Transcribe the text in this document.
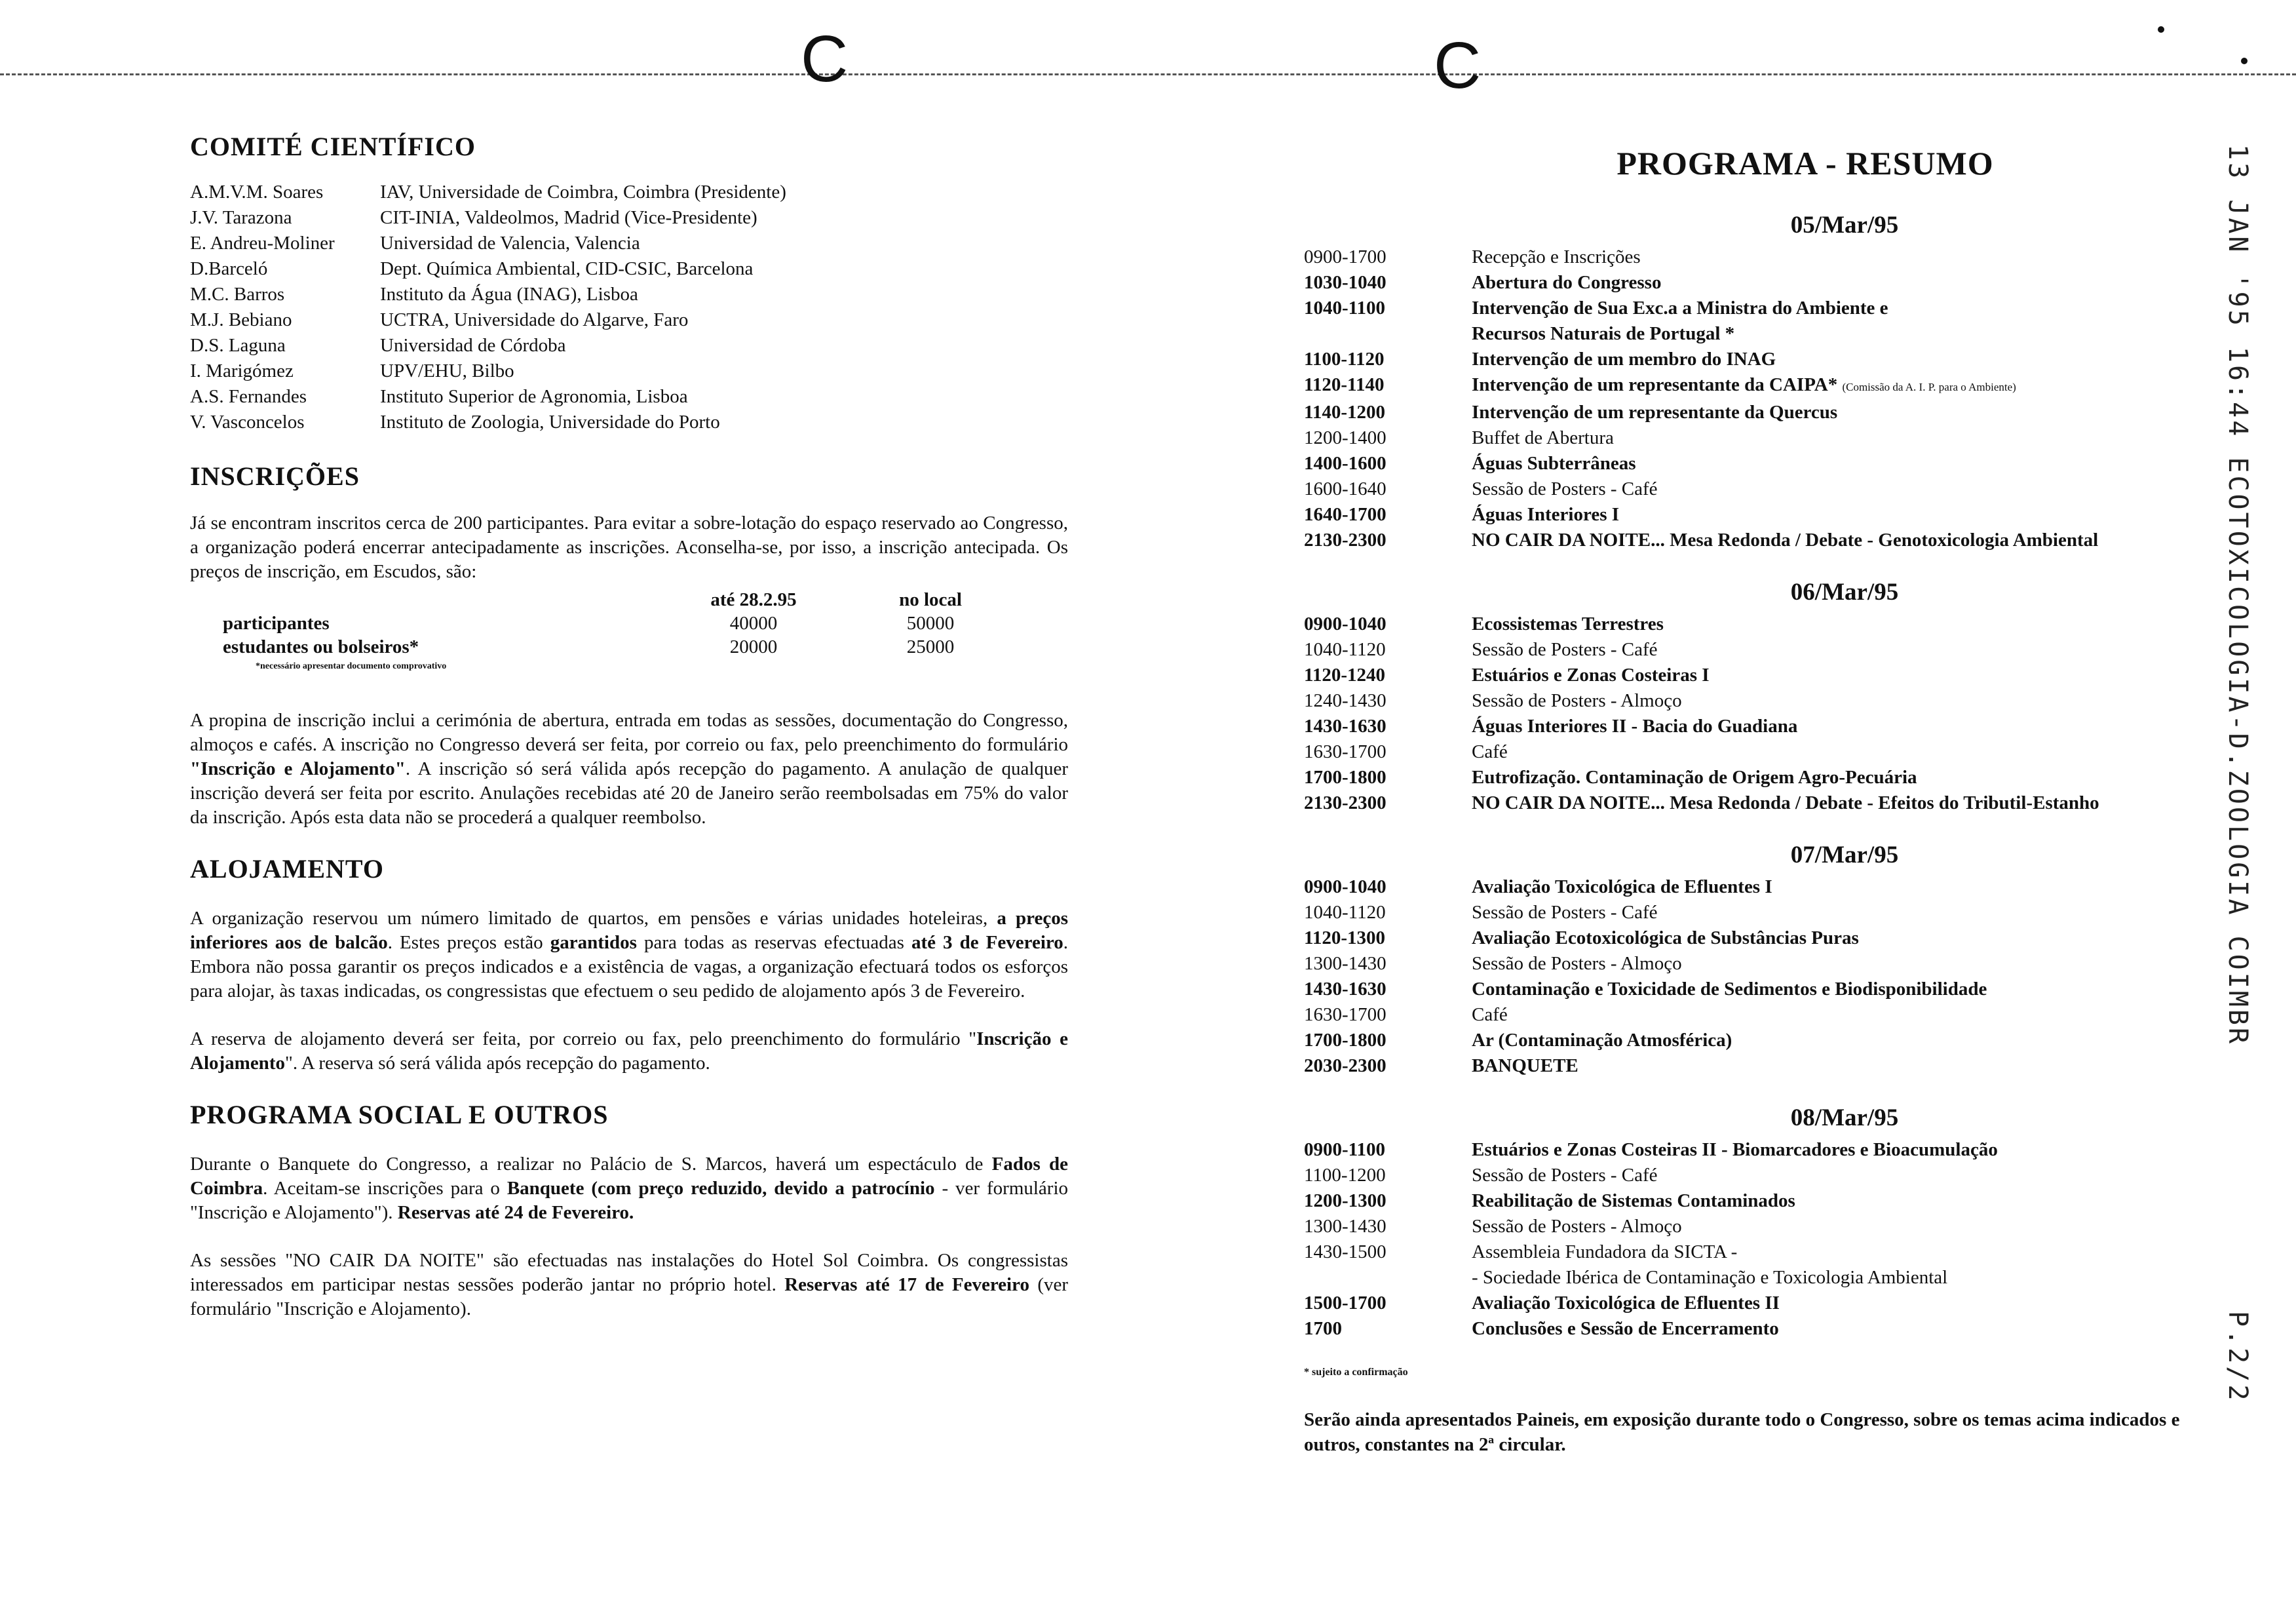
C	C
13 JAN '95 16:44 ECOTOXICOLOGIA-D.ZOOLOGIA COIMBR
P.2/2
COMITÉ CIENTÍFICO
A.M.V.M. Soares	IAV, Universidade de Coimbra, Coimbra (Presidente)
J.V. Tarazona	CIT-INIA, Valdeolmos, Madrid (Vice-Presidente)
E. Andreu-Moliner	Universidad de Valencia, Valencia
D.Barceló	Dept. Química Ambiental, CID-CSIC, Barcelona
M.C. Barros	Instituto da Água (INAG), Lisboa
M.J. Bebiano	UCTRA, Universidade do Algarve, Faro
D.S. Laguna	Universidad de Córdoba
I. Marigómez	UPV/EHU, Bilbo
A.S. Fernandes	Instituto Superior de Agronomia, Lisboa
V. Vasconcelos	Instituto de Zoologia, Universidade do Porto
INSCRIÇÕES

Já se encontram inscritos cerca de 200 participantes. Para evitar a sobre-lotação do espaço reservado ao Congresso, a organização poderá encerrar antecipadamente as inscrições. Aconselha-se, por isso, a inscrição antecipada. Os preços de inscrição, em Escudos, são:

	até 28.2.95	no local
participantes	40000	50000
estudantes ou bolseiros*	20000	25000
*necessário apresentar documento comprovativo

A propina de inscrição inclui a cerimónia de abertura, entrada em todas as sessões, documentação do Congresso, almoços e cafés. A inscrição no Congresso deverá ser feita, por correio ou fax, pelo preenchimento do formulário "Inscrição e Alojamento". A inscrição só será válida após recepção do pagamento. A anulação de qualquer inscrição deverá ser feita por escrito. Anulações recebidas até 20 de Janeiro serão reembolsadas em 75% do valor da inscrição. Após esta data não se procederá a qualquer reembolso.

ALOJAMENTO

A organização reservou um número limitado de quartos, em pensões e várias unidades hoteleiras, a preços inferiores aos de balcão. Estes preços estão garantidos para todas as reservas efectuadas até 3 de Fevereiro. Embora não possa garantir os preços indicados e a existência de vagas, a organização efectuará todos os esforços para alojar, às taxas indicadas, os congressistas que efectuem o seu pedido de alojamento após 3 de Fevereiro.

A reserva de alojamento deverá ser feita, por correio ou fax, pelo preenchimento do formulário "Inscrição e Alojamento". A reserva só será válida após recepção do pagamento.

PROGRAMA SOCIAL E OUTROS

Durante o Banquete do Congresso, a realizar no Palácio de S. Marcos, haverá um espectáculo de Fados de Coimbra. Aceitam-se inscrições para o Banquete (com preço reduzido, devido a patrocínio - ver formulário "Inscrição e Alojamento"). Reservas até 24 de Fevereiro.

As sessões "NO CAIR DA NOITE" são efectuadas nas instalações do Hotel Sol Coimbra. Os congressistas interessados em participar nestas sessões poderão jantar no próprio hotel. Reservas até 17 de Fevereiro (ver formulário "Inscrição e Alojamento).

PROGRAMA - RESUMO
05/Mar/95
0900-1700	Recepção e Inscrições
1030-1040	Abertura do Congresso
1040-1100	Intervenção de Sua Exc.a a Ministra do Ambiente e
Recursos Naturais de Portugal *
1100-1120	Intervenção de um membro do INAG
1120-1140	Intervenção de um representante da CAIPA* (Comissão da A. I. P. para o Ambiente)
1140-1200	Intervenção de um representante da Quercus
1200-1400	Buffet de Abertura
1400-1600	Águas Subterrâneas
1600-1640	Sessão de Posters - Café
1640-1700	Águas Interiores I
2130-2300	NO CAIR DA NOITE... Mesa Redonda / Debate - Genotoxicologia Ambiental
06/Mar/95
0900-1040	Ecossistemas Terrestres
1040-1120	Sessão de Posters - Café
1120-1240	Estuários e Zonas Costeiras I
1240-1430	Sessão de Posters - Almoço
1430-1630	Águas Interiores II - Bacia do Guadiana
1630-1700	Café
1700-1800	Eutrofização. Contaminação de Origem Agro-Pecuária
2130-2300	NO CAIR DA NOITE... Mesa Redonda / Debate - Efeitos do Tributil-Estanho
07/Mar/95
0900-1040	Avaliação Toxicológica de Efluentes I
1040-1120	Sessão de Posters - Café
1120-1300	Avaliação Ecotoxicológica de Substâncias Puras
1300-1430	Sessão de Posters - Almoço
1430-1630	Contaminação e Toxicidade de Sedimentos e Biodisponibilidade
1630-1700	Café
1700-1800	Ar (Contaminação Atmosférica)
2030-2300	BANQUETE
08/Mar/95
0900-1100	Estuários e Zonas Costeiras II - Biomarcadores e Bioacumulação
1100-1200	Sessão de Posters - Café
1200-1300	Reabilitação de Sistemas Contaminados
1300-1430	Sessão de Posters - Almoço
1430-1500	Assembleia Fundadora da SICTA -
- Sociedade Ibérica de Contaminação e Toxicologia Ambiental
1500-1700	Avaliação Toxicológica de Efluentes II
1700	Conclusões e Sessão de Encerramento
* sujeito a confirmação
Serão ainda apresentados Paineis, em exposição durante todo o Congresso, sobre os temas acima indicados e outros, constantes na 2ª circular.
